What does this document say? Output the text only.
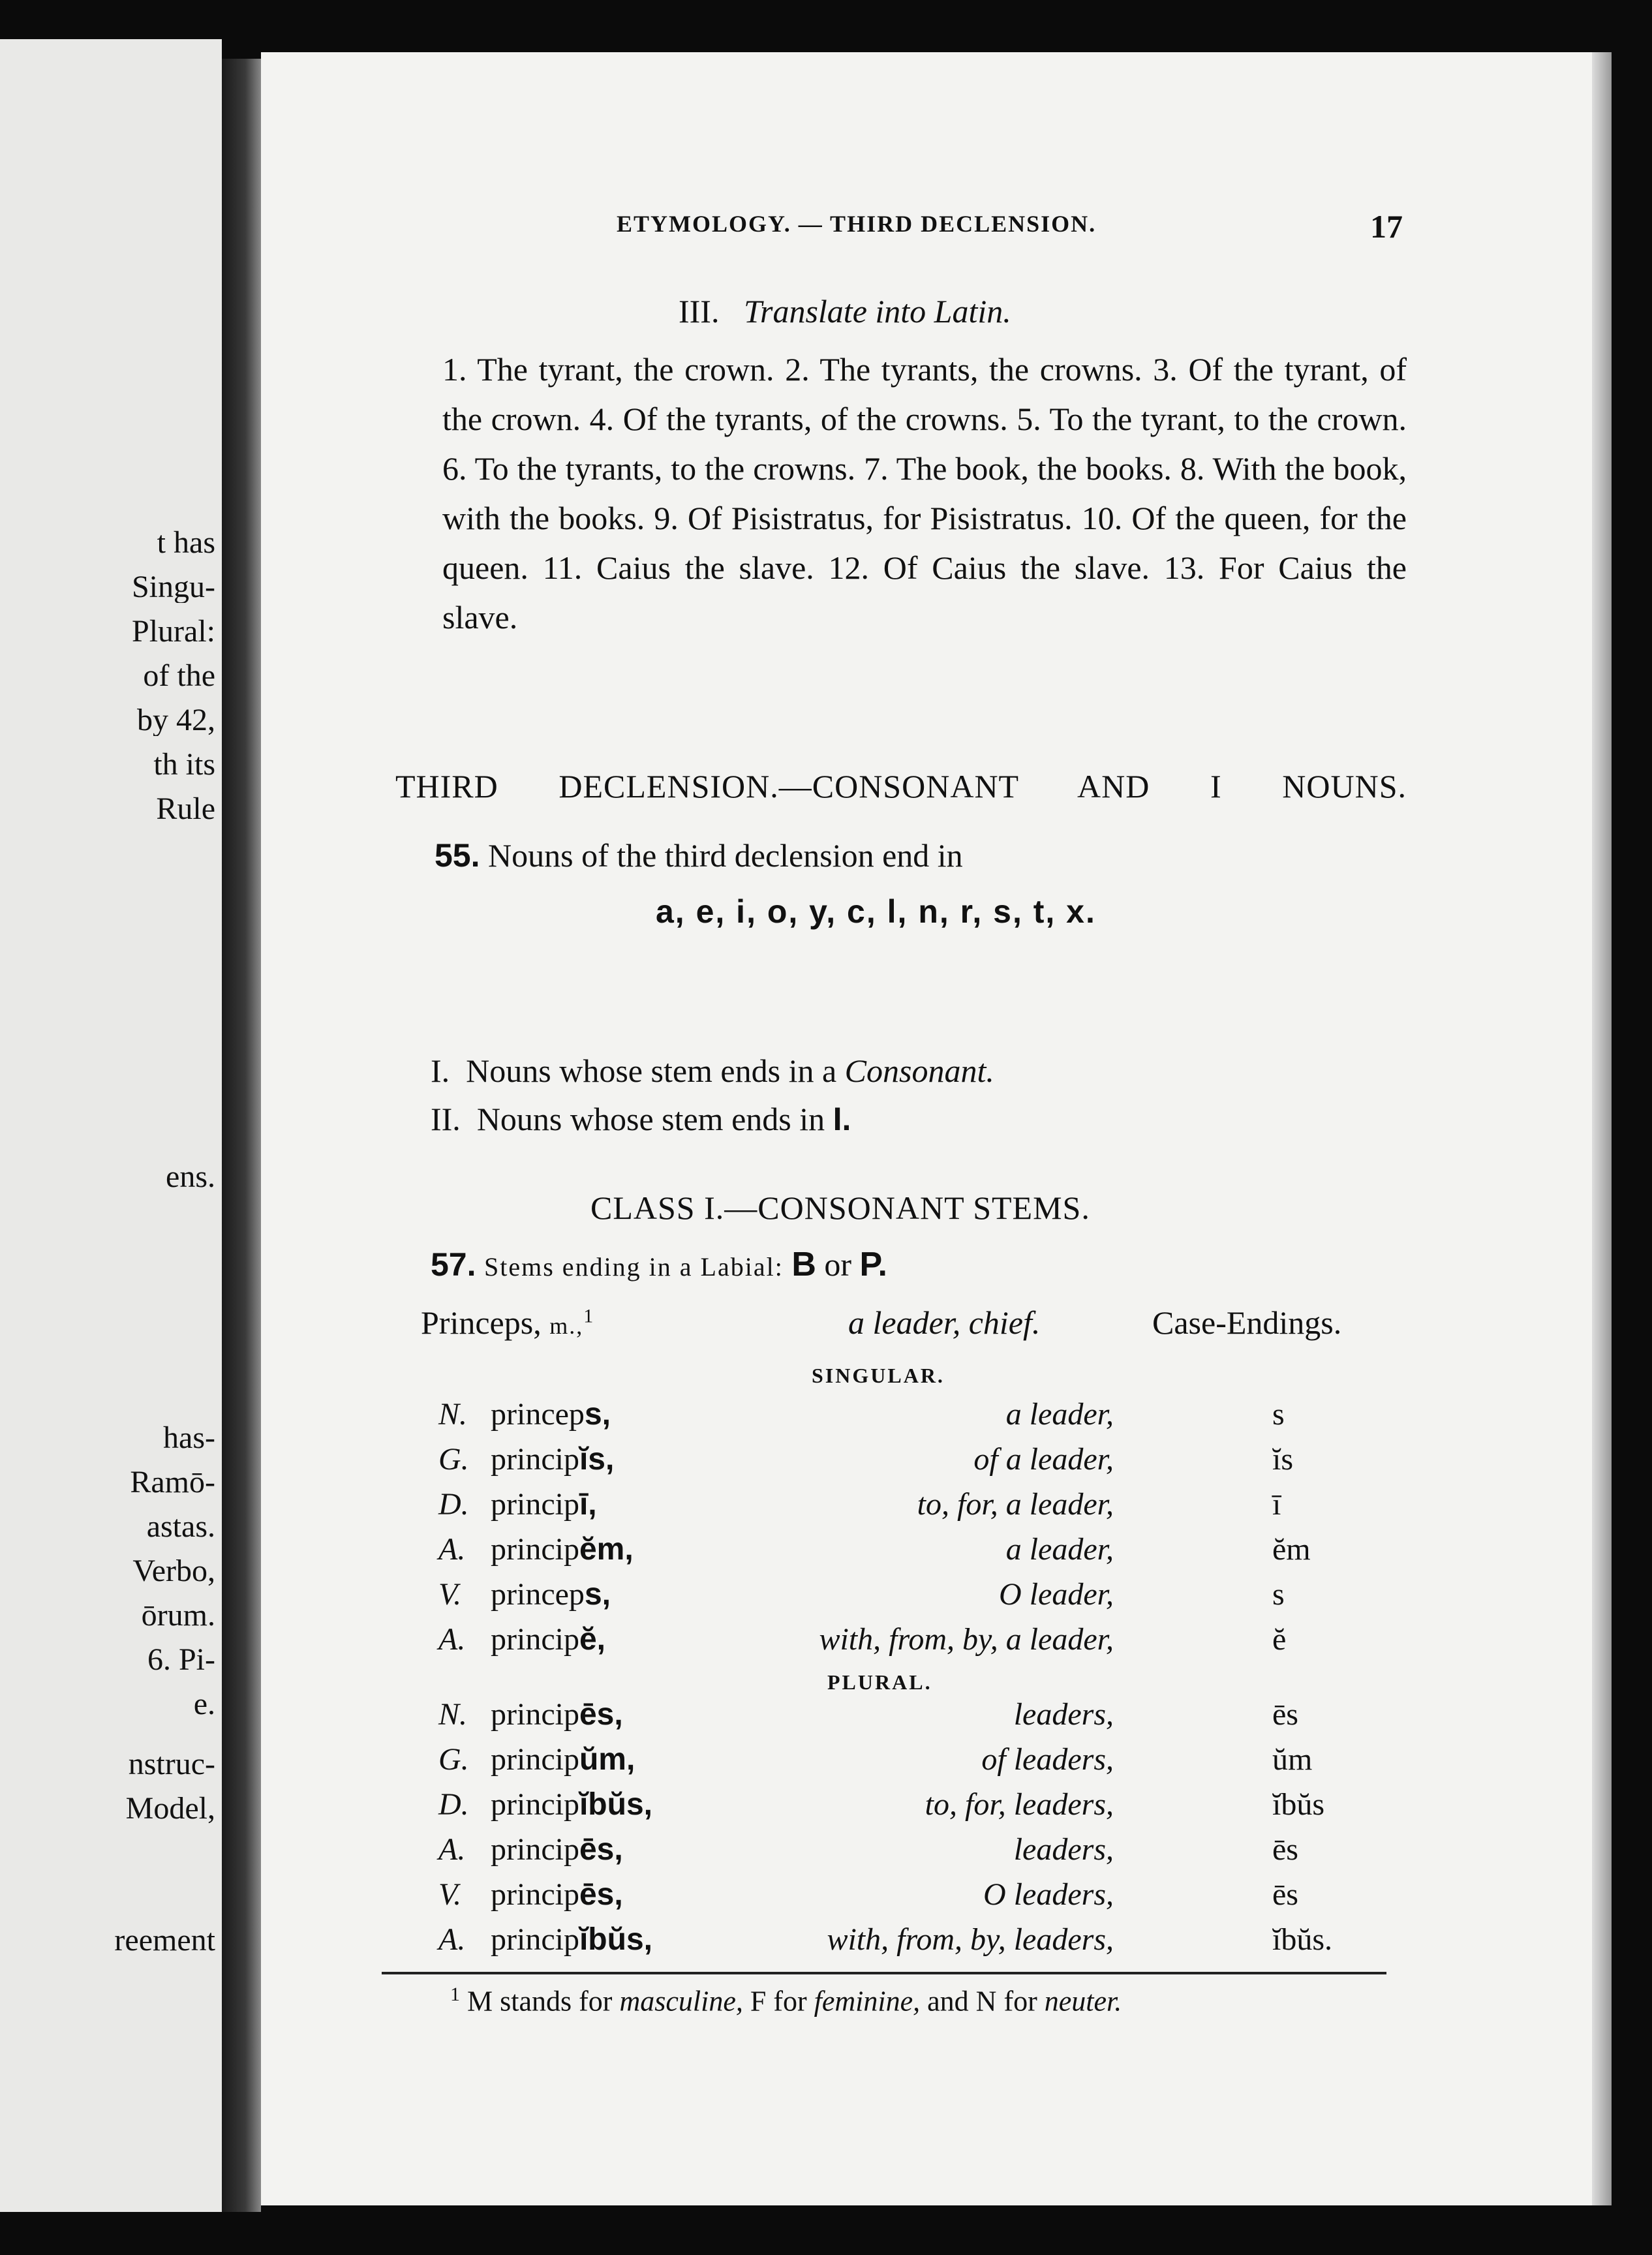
t has
Singu-
Plural:
of the
by 42,
th its
Rule
ens.
has-
Ramō-
astas.
Verbo,
ōrum.
6. Pi-
e.
nstruc-
Model,
reement
ETYMOLOGY. — THIRD DECLENSION.	17
III. Translate into Latin.
1. The tyrant, the crown. 2. The tyrants, the crowns. 3. Of the tyrant, of the crown. 4. Of the tyrants, of the crowns. 5. To the tyrant, to the crown. 6. To the tyrants, to the crowns. 7. The book, the books. 8. With the book, with the books. 9. Of Pisistratus, for Pisistratus. 10. Of the queen, for the queen. 11. Caius the slave. 12. Of Caius the slave. 13. For Caius the slave.
THIRD DECLENSION.—CONSONANT AND I NOUNS.
55. Nouns of the third declension end in
a, e, i, o, y, c, l, n, r, s, t, x.
I. Nouns whose stem ends in a Consonant.
II. Nouns whose stem ends in I.
CLASS I.—CONSONANT STEMS.
57. Stems ending in a Labial: B or P.
Princeps, m.,$^1$	a leader, chief.	Case-Endings.
SINGULAR.
N. princeps,	a leader,	s
G. principĭs,	of a leader,	ĭs
D. principī,	to, for, a leader,	ī
A. principĕm,	a leader,	ĕm
V. princeps,	O leader,	s
A. principĕ,	with, from, by, a leader,	ĕ
PLURAL.
N. principēs,	leaders,	ēs
G. principŭm,	of leaders,	ŭm
D. principĭbŭs,	to, for, leaders,	ĭbŭs
A. principēs,	leaders,	ēs
V. principēs,	O leaders,	ēs
A. principĭbŭs,	with, from, by, leaders,	ĭbŭs.
$^1$ M stands for masculine, F for feminine, and N for neuter.
